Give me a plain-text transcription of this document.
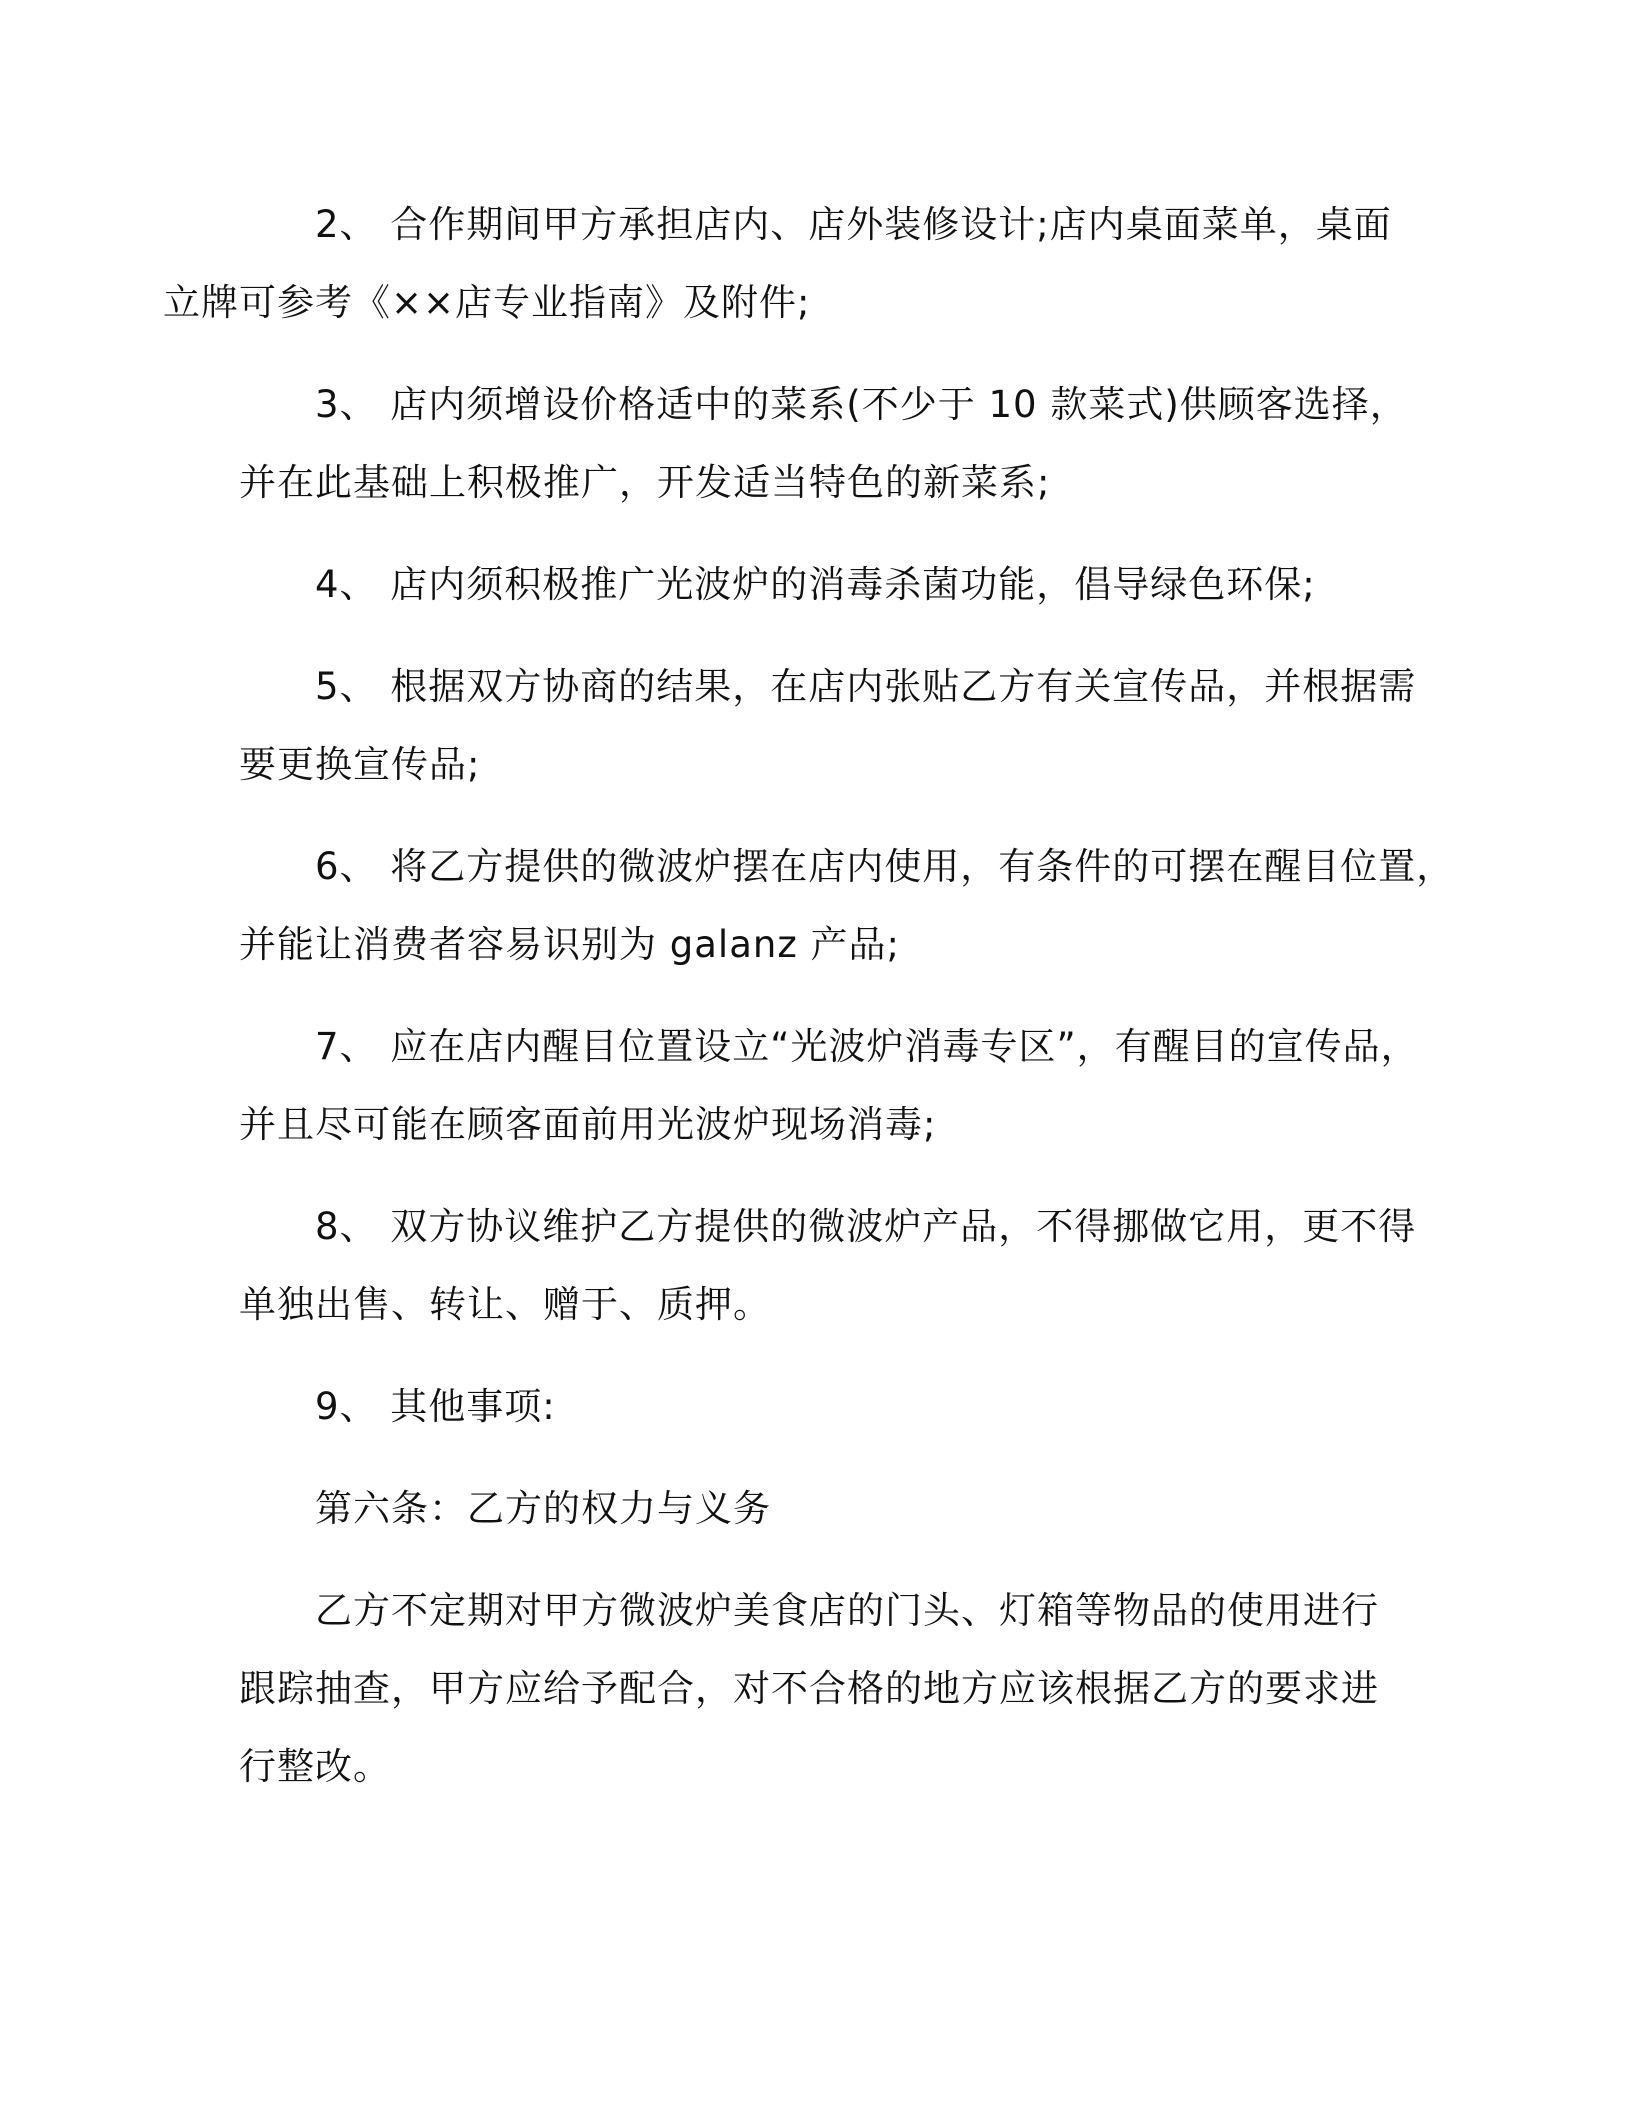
2、 合作期间甲方承担店内、店外装修设计;店内桌面菜单，桌面
立牌可参考《××店专业指南》及附件;

3、 店内须增设价格适中的菜系(不少于 10 款菜式)供顾客选择，
并在此基础上积极推广，开发适当特色的新菜系;

4、 店内须积极推广光波炉的消毒杀菌功能，倡导绿色环保;

5、 根据双方协商的结果，在店内张贴乙方有关宣传品，并根据需
要更换宣传品;

6、 将乙方提供的微波炉摆在店内使用，有条件的可摆在醒目位置，
并能让消费者容易识别为 galanz 产品;

7、 应在店内醒目位置设立“光波炉消毒专区”，有醒目的宣传品，
并且尽可能在顾客面前用光波炉现场消毒;

8、 双方协议维护乙方提供的微波炉产品，不得挪做它用，更不得
单独出售、转让、赠于、质押。

9、 其他事项:

第六条：乙方的权力与义务

乙方不定期对甲方微波炉美食店的门头、灯箱等物品的使用进行
跟踪抽查，甲方应给予配合，对不合格的地方应该根据乙方的要求进
行整改。
